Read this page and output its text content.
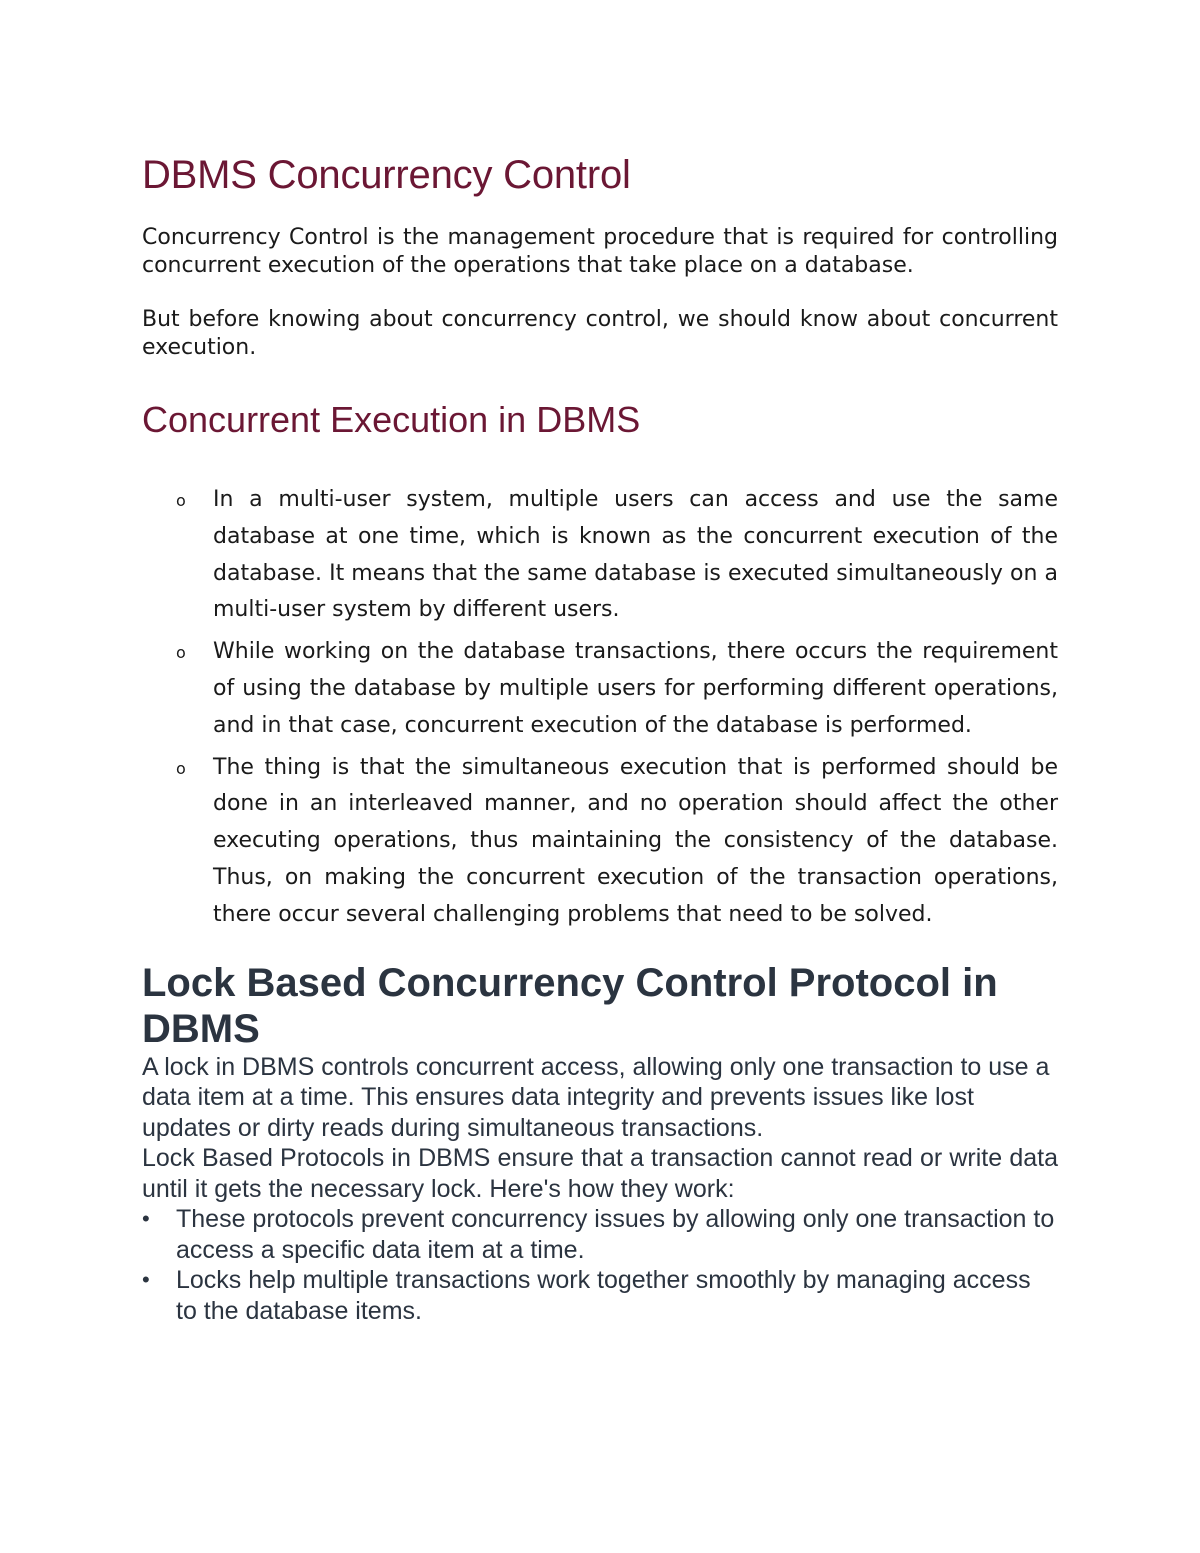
DBMS Concurrency Control

Concurrency Control is the management procedure that is required for controlling concurrent execution of the operations that take place on a database.

But before knowing about concurrency control, we should know about concurrent execution.

Concurrent Execution in DBMS
o In a multi-user system, multiple users can access and use the same database at one time, which is known as the concurrent execution of the database. It means that the same database is executed simultaneously on a multi-user system by different users.
o While working on the database transactions, there occurs the requirement of using the database by multiple users for performing different operations, and in that case, concurrent execution of the database is performed.
o The thing is that the simultaneous execution that is performed should be done in an interleaved manner, and no operation should affect the other executing operations, thus maintaining the consistency of the database. Thus, on making the concurrent execution of the transaction operations, there occur several challenging problems that need to be solved.
Lock Based Concurrency Control Protocol in DBMS

A lock in DBMS controls concurrent access, allowing only one transaction to use a data item at a time. This ensures data integrity and prevents issues like lost updates or dirty reads during simultaneous transactions.

Lock Based Protocols in DBMS ensure that a transaction cannot read or write data until it gets the necessary lock. Here's how they work:

• These protocols prevent concurrency issues by allowing only one transaction to access a specific data item at a time.
• Locks help multiple transactions work together smoothly by managing access to the database items.
